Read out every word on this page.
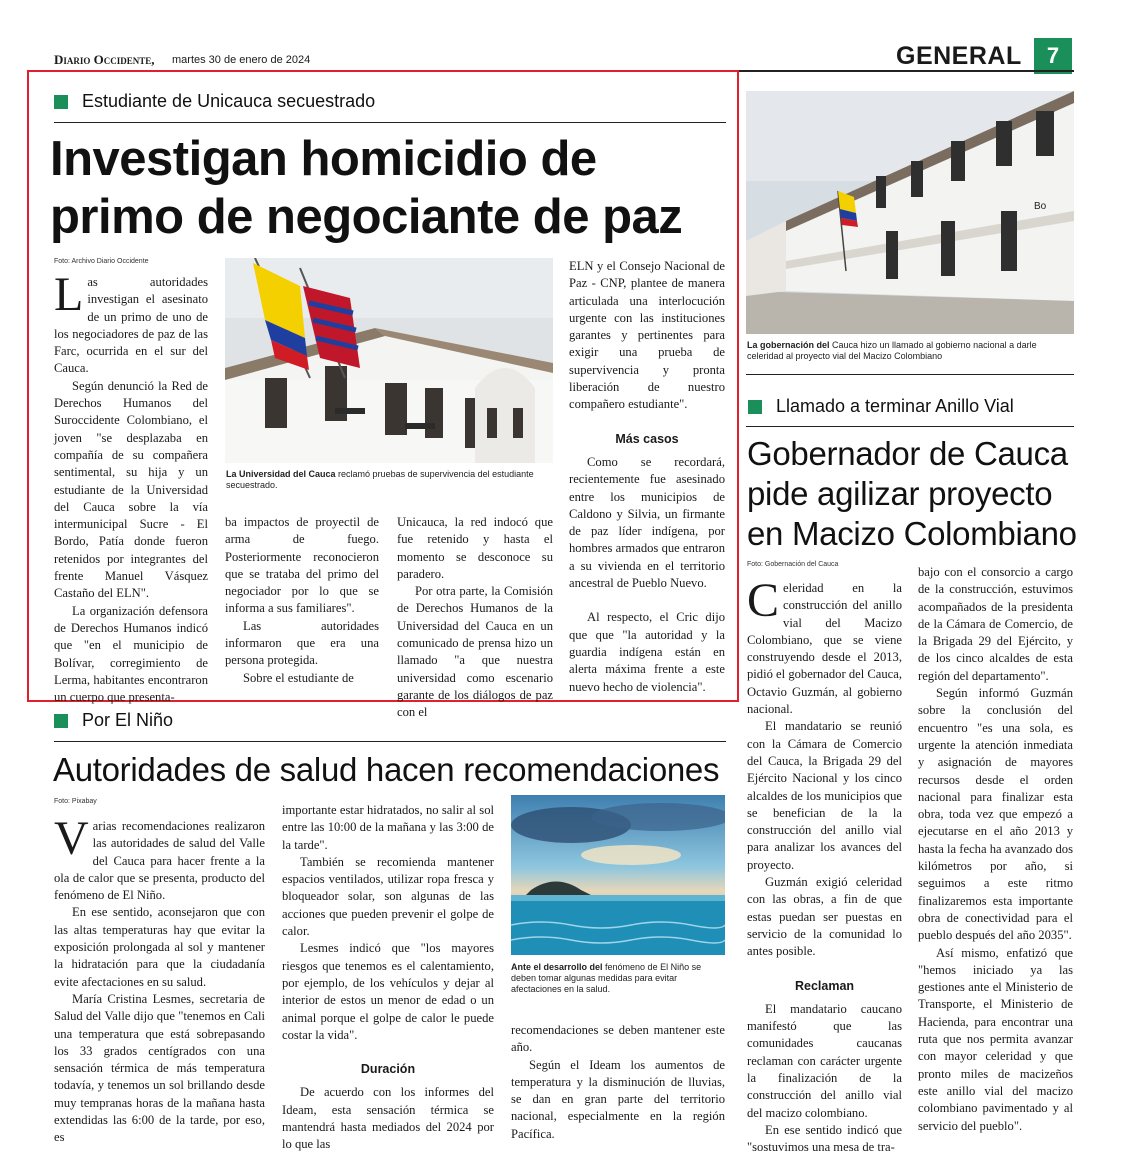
Diario Occidente, martes 30 de enero de 2024	GENERAL	7
Estudiante de Unicauca secuestrado
Investigan homicidio de
primo de negociante de paz
Foto: Archivo Diario Occidente
La Universidad del Cauca reclamó pruebas de supervivencia del estudiante secuestrado.

Las autoridades investigan el asesinato de un primo de uno de los negociadores de paz de las Farc, ocurrida en el sur del Cauca.

Según denunció la Red de Derechos Humanos del Suroccidente Colombiano, el joven "se desplazaba en compañía de su compañera sentimental, su hija y un estudiante de la Universidad del Cauca sobre la vía intermunicipal Sucre - El Bordo, Patía donde fueron retenidos por integrantes del frente Manuel Vásquez Castaño del ELN".

La organización defensora de Derechos Humanos indicó que "en el municipio de Bolívar, corregimiento de Lerma, habitantes encontraron un cuerpo que presenta-

ba impactos de proyectil de arma de fuego. Posteriormente reconocieron que se trataba del primo del negociador por lo que se informa a sus familiares".

Las autoridades informaron que era una persona protegida.

Sobre el estudiante de

Unicauca, la red indocó que fue retenido y hasta el momento se desconoce su paradero.

Por otra parte, la Comisión de Derechos Humanos de la Universidad del Cauca en un comunicado de prensa hizo un llamado "a que nuestra universidad como escenario garante de los diálogos de paz con el

ELN y el Consejo Nacional de Paz - CNP, plantee de manera articulada una interlocución urgente con las instituciones garantes y pertinentes para exigir una prueba de supervivencia y pronta liberación de nuestro compañero estudiante".

Más casos

Como se recordará, recientemente fue asesinado entre los municipios de Caldono y Silvia, un firmante de paz líder indígena, por hombres armados que entraron a su vivienda en el territorio ancestral de Pueblo Nuevo.

Al respecto, el Cric dijo que que "la autoridad y la guardia indígena están en alerta máxima frente a este nuevo hecho de violencia".

Bo
La gobernación del Cauca hizo un llamado al gobierno nacional a darle celeridad al proyecto vial del Macizo Colombiano
Llamado a terminar Anillo Vial
Gobernador de Cauca pide agilizar proyecto en Macizo Colombiano
Foto: Gobernación del Cauca

Celeridad en la construcción del anillo vial del Macizo Colombiano, que se viene construyendo desde el 2013, pidió el gobernador del Cauca, Octavio Guzmán, al gobierno nacional.

El mandatario se reunió con la Cámara de Comercio del Cauca, la Brigada 29 del Ejército Nacional y los cinco alcaldes de los municipios que se benefician de la la construcción del anillo vial para analizar los avances del proyecto.

Guzmán exigió celeridad con las obras, a fin de que estas puedan ser puestas en servicio de la comunidad lo antes posible.

Reclaman

El mandatario caucano manifestó que las comunidades caucanas reclaman con carácter urgente la finalización de la construcción del anillo vial del macizo colombiano.

En ese sentido indicó que "sostuvimos una mesa de tra-

bajo con el consorcio a cargo de la construcción, estuvimos acompañados de la presidenta de la Cámara de Comercio, de la Brigada 29 del Ejército, y de los cinco alcaldes de esta región del departamento".

Según informó Guzmán sobre la conclusión del encuentro "es una sola, es urgente la atención inmediata y asignación de mayores recursos desde el orden nacional para finalizar esta obra, toda vez que empezó a ejecutarse en el año 2013 y hasta la fecha ha avanzado dos kilómetros por año, si seguimos a este ritmo finalizaremos esta importante obra de conectividad para el pueblo después del año 2035".

Así mismo, enfatizó que "hemos iniciado ya las gestiones ante el Ministerio de Transporte, el Ministerio de Hacienda, para encontrar una ruta que nos permita avanzar con mayor celeridad y que pronto miles de macizeños este anillo vial del macizo colombiano pavimentado y al servicio del pueblo".

Por El Niño
Autoridades de salud hacen recomendaciones
Foto: Pixabay
Ante el desarrollo del fenómeno de El Niño se deben tomar algunas medidas para evitar afectaciones en la salud.

Varias recomendaciones realizaron las autoridades de salud del Valle del Cauca para hacer frente a la ola de calor que se presenta, producto del fenómeno de El Niño.

En ese sentido, aconsejaron que con las altas temperaturas hay que evitar la exposición prolongada al sol y mantener la hidratación para que la ciudadanía evite afectaciones en su salud.

María Cristina Lesmes, secretaria de Salud del Valle dijo que "tenemos en Cali una temperatura que está sobrepasando los 33 grados centígrados con una sensación térmica de más temperatura todavía, y tenemos un sol brillando desde muy tempranas horas de la mañana hasta extendidas las 6:00 de la tarde, por eso, es

importante estar hidratados, no salir al sol entre las 10:00 de la mañana y las 3:00 de la tarde".

También se recomienda mantener espacios ventilados, utilizar ropa fresca y bloqueador solar, son algunas de las acciones que pueden prevenir el golpe de calor.

Lesmes indicó que "los mayores riesgos que tenemos es el calentamiento, por ejemplo, de los vehículos y dejar al interior de estos un menor de edad o un animal porque el golpe de calor le puede costar la vida".

Duración

De acuerdo con los informes del Ideam, esta sensación térmica se mantendrá hasta mediados del 2024 por lo que las

recomendaciones se deben mantener este año.

Según el Ideam los aumentos de temperatura y la disminución de lluvias, se dan en gran parte del territorio nacional, especialmente en la región Pacífica.
